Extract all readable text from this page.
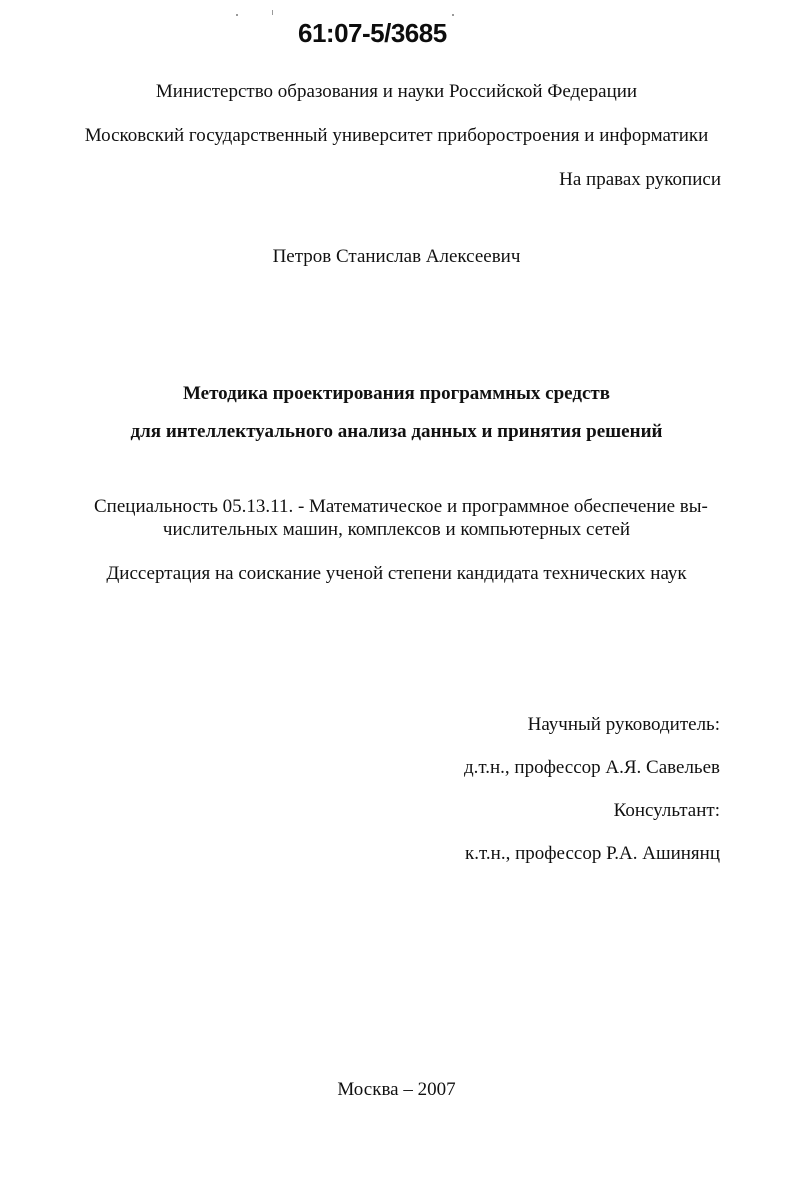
61:07-5/3685
Министерство образования и науки Российской Федерации
Московский государственный университет приборостроения и информатики
На правах рукописи
Петров Станислав Алексеевич
Методика проектирования программных средств
для интеллектуального анализа данных и принятия решений
Специальность 05.13.11. - Математическое и программное обеспечение вы-
числительных машин, комплексов и компьютерных сетей
Диссертация на соискание ученой степени кандидата технических наук
Научный руководитель:
д.т.н., профессор А.Я. Савельев
Консультант:
к.т.н., профессор Р.А. Ашинянц
Москва – 2007
